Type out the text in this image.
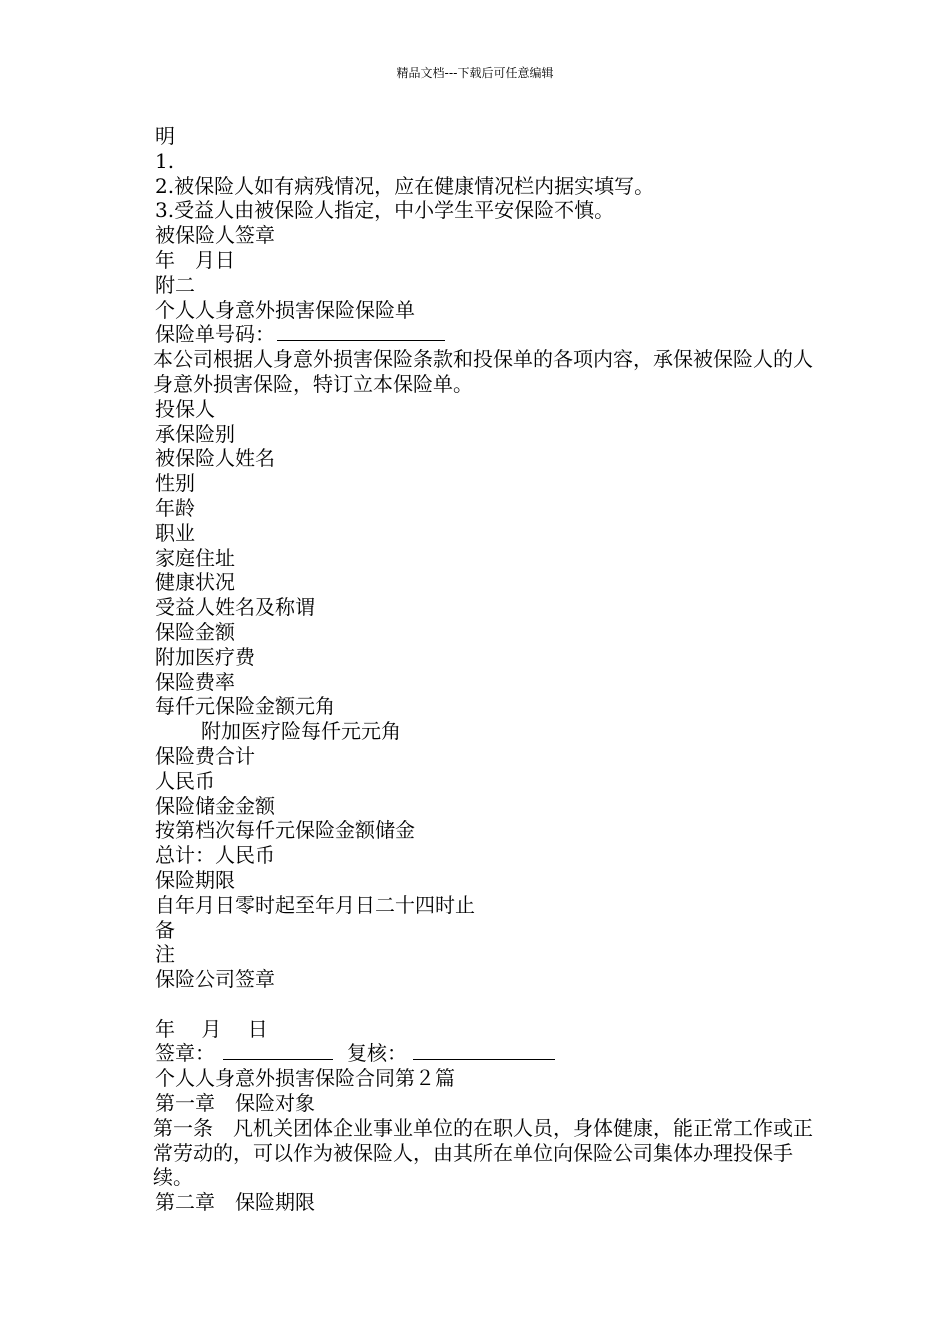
精品文档---下载后可任意编辑
明
1.
2.被保险人如有病残情况，应在健康情况栏内据实填写。
3.受益人由被保险人指定，中小学生平安保险不慎。
被保险人签章
年　月日
附二
个人人身意外损害保险保险单
保险单号码：
本公司根据人身意外损害保险条款和投保单的各项内容，承保被保险人的人身意外损害保险，特订立本保险单。
投保人
承保险别
被保险人姓名
性别
年龄
职业
家庭住址
健康状况
受益人姓名及称谓
保险金额
附加医疗费
保险费率
每仟元保险金额元角
附加医疗险每仟元元角
保险费合计
人民币
保险储金金额
按第档次每仟元保险金额储金
总计：人民币
保险期限
自年月日零时起至年月日二十四时止
备
注
保险公司签章
年　 月　 日
签章：	复核：
个人人身意外损害保险合同第２篇
第一章　保险对象
第一条　凡机关团体企业事业单位的在职人员，身体健康，能正常工作或正常劳动的，可以作为被保险人，由其所在单位向保险公司集体办理投保手续。
第二章　保险期限
